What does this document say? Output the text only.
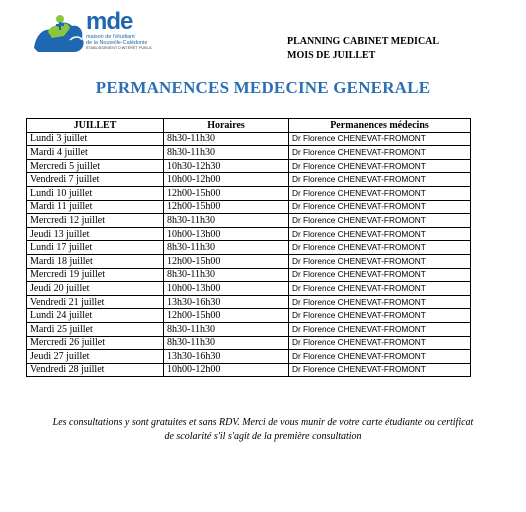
mde
maison de l'étudiant
de la Nouvelle-Calédonie
ÉTABLISSEMENT D'INTÉRÊT PUBLIC
PLANNING CABINET MEDICAL
MOIS DE JUILLET
PERMANENCES MEDECINE GENERALE
JUILLET	Horaires	Permanences médecins
Lundi 3 juillet	8h30-11h30	Dr Florence CHENEVAT-FROMONT
Mardi 4 juillet	8h30-11h30	Dr Florence CHENEVAT-FROMONT
Mercredi 5 juillet	10h30-12h30	Dr Florence CHENEVAT-FROMONT
Vendredi 7 juillet	10h00-12h00	Dr Florence CHENEVAT-FROMONT
Lundi 10 juillet	12h00-15h00	Dr Florence CHENEVAT-FROMONT
Mardi 11 juillet	12h00-15h00	Dr Florence CHENEVAT-FROMONT
Mercredi 12 juillet	8h30-11h30	Dr Florence CHENEVAT-FROMONT
Jeudi 13 juillet	10h00-13h00	Dr Florence CHENEVAT-FROMONT
Lundi 17 juillet	8h30-11h30	Dr Florence CHENEVAT-FROMONT
Mardi 18 juillet	12h00-15h00	Dr Florence CHENEVAT-FROMONT
Mercredi 19 juillet	8h30-11h30	Dr Florence CHENEVAT-FROMONT
Jeudi 20 juillet	10h00-13h00	Dr Florence CHENEVAT-FROMONT
Vendredi 21 juillet	13h30-16h30	Dr Florence CHENEVAT-FROMONT
Lundi 24 juillet	12h00-15h00	Dr Florence CHENEVAT-FROMONT
Mardi 25 juillet	8h30-11h30	Dr Florence CHENEVAT-FROMONT
Mercredi 26 juillet	8h30-11h30	Dr Florence CHENEVAT-FROMONT
Jeudi 27 juillet	13h30-16h30	Dr Florence CHENEVAT-FROMONT
Vendredi 28 juillet	10h00-12h00	Dr Florence CHENEVAT-FROMONT
Les consultations y sont gratuites et sans RDV. Merci de vous munir de votre carte étudiante ou certificat
de scolarité s'il s'agit de la première consultation
